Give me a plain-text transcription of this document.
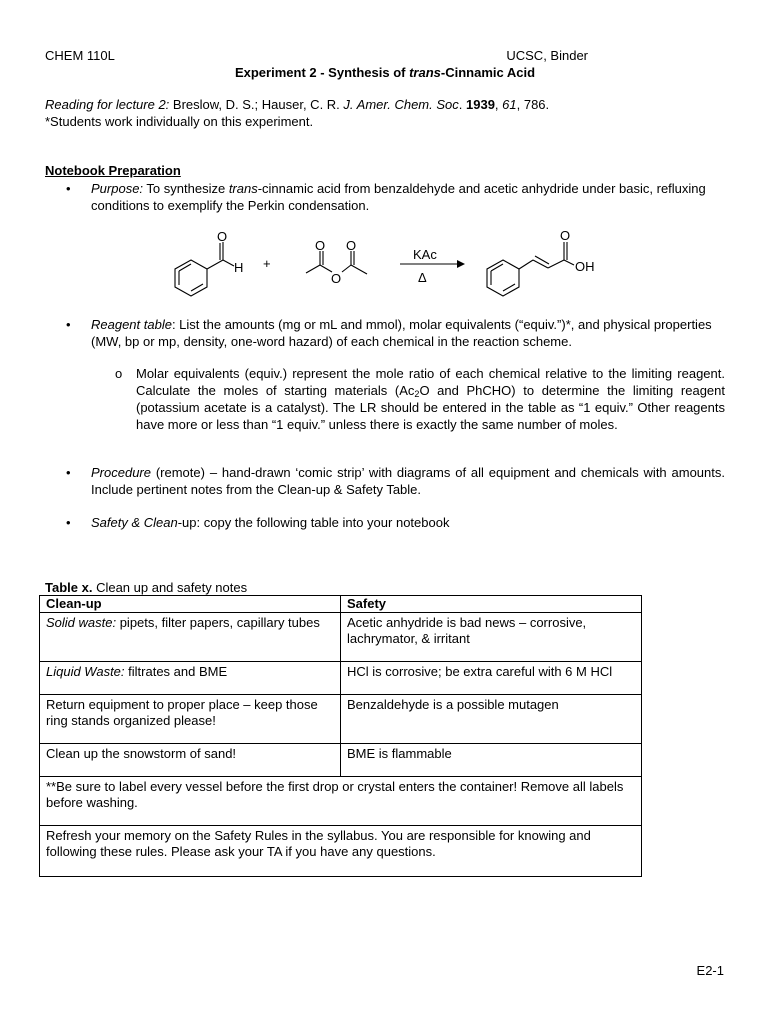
CHEM 110L	UCSC, Binder
Experiment 2 - Synthesis of trans-Cinnamic Acid
Reading for lecture 2: Breslow, D. S.; Hauser, C. R. J. Amer. Chem. Soc. 1939, 61, 786.
*Students work individually on this experiment.
Notebook Preparation
• Purpose: To synthesize trans-cinnamic acid from benzaldehyde and acetic anhydride under basic, refluxing conditions to exemplify the Perkin condensation.
O
H +
O O
O
KAc
Δ
O
OH
• Reagent table: List the amounts (mg or mL and mmol), molar equivalents (“equiv.”)*, and physical properties (MW, bp or mp, density, one-word hazard) of each chemical in the reaction scheme.
o Molar equivalents (equiv.) represent the mole ratio of each chemical relative to the limiting reagent. Calculate the moles of starting materials ($Ac_2O$ and PhCHO) to determine the limiting reagent (potassium acetate is a catalyst). The LR should be entered in the table as “1 equiv.” Other reagents have more or less than “1 equiv.” unless there is exactly the same number of moles.
• Procedure (remote) – hand-drawn ‘comic strip’ with diagrams of all equipment and chemicals with amounts. Include pertinent notes from the Clean-up & Safety Table.
• Safety & Clean-up: copy the following table into your notebook
Table x. Clean up and safety notes
Clean-up	Safety
Solid waste: pipets, filter papers, capillary tubes	Acetic anhydride is bad news – corrosive, lachrymator, & irritant
Liquid Waste: filtrates and BME	HCl is corrosive; be extra careful with 6 M HCl
Return equipment to proper place – keep those ring stands organized please!	Benzaldehyde is a possible mutagen
Clean up the snowstorm of sand!	BME is flammable
**Be sure to label every vessel before the first drop or crystal enters the container! Remove all labels before washing.	
Refresh your memory on the Safety Rules in the syllabus. You are responsible for knowing and following these rules. Please ask your TA if you have any questions.	
E2-1
